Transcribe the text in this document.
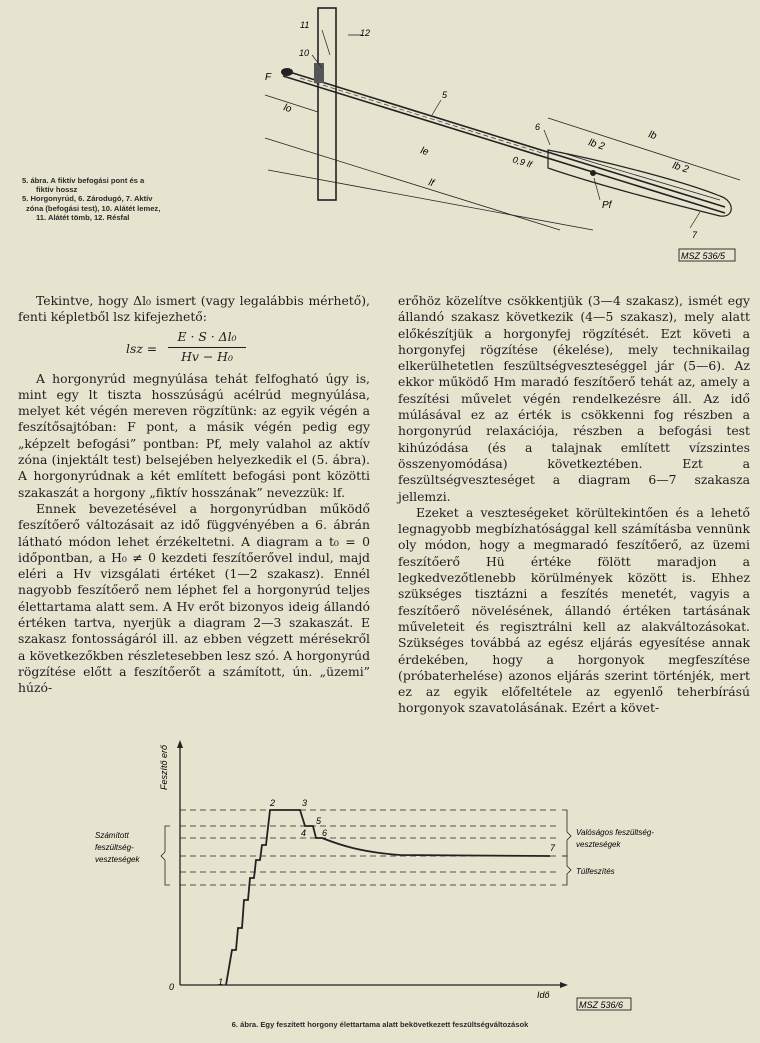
11
12
10
F
5
6
lo
le
lb
lb 2
lb 2
0,9 lf
lf
Pf
7
MSZ 536/5
5. ábra. A fiktív befogási pont és a
fiktív hossz
5. Horgonyrúd, 6. Zárodugó, 7. Aktív
zóna (befogási test), 10. Alátét lemez,
11. Alátét tömb, 12. Résfal

Tekintve, hogy Δl₀ ismert (vagy legalábbis mérhető), fenti képletből lsz kifejezhető:

lsz =
E · S · Δl₀
Hv − H₀

A horgonyrúd megnyúlása tehát felfogható úgy is, mint egy lt tiszta hosszúságú acélrúd megnyúlása, melyet két végén mereven rögzítünk: az egyik végén a feszítősajtóban: F pont, a másik végén pedig egy „képzelt befogási” pontban: Pf, mely valahol az aktív zóna (injektált test) belsejében helyezkedik el (5. ábra). A horgonyrúdnak a két említett befogási pont közötti szakaszát a horgony „fiktív hosszának” nevezzük: lf.

Ennek bevezetésével a horgonyrúdban működő feszítőerő változásait az idő függvényében a 6. ábrán látható módon lehet érzékeltetni. A diagram a t₀ = 0 időpontban, a H₀ ≠ 0 kezdeti feszítőerővel indul, majd eléri a Hv vizsgálati értéket (1—2 szakasz). Ennél nagyobb feszítőerő nem léphet fel a horgonyrúd teljes élettartama alatt sem. A Hv erőt bizonyos ideig állandó értéken tartva, nyerjük a diagram 2—3 szakaszát. E szakasz fontosságáról ill. az ebben végzett mérésekről a következőkben részletesebben lesz szó. A horgonyrúd rögzítése előtt a feszítőerőt a számított, ún. „üzemi” húzó-

erőhöz közelítve csökkentjük (3—4 szakasz), ismét egy állandó szakasz következik (4—5 szakasz), mely alatt előkészítjük a horgonyfej rögzítését. Ezt követi a horgonyfej rögzítése (ékelése), mely technikailag elkerülhetetlen feszültségveszteséggel jár (5—6). Az ekkor működő Hm maradó feszítőerő tehát az, amely a feszítési művelet végén rendelkezésre áll. Az idő múlásával ez az érték is csökkenni fog részben a horgonyrúd relaxációja, részben a befogási test kihúzódása (és a talajnak említett vízszintes összenyomódása) következtében. Ezt a feszültségveszteséget a diagram 6—7 szakasza jellemzi.

Ezeket a veszteségeket körültekintően és a lehető legnagyobb megbízhatósággal kell számításba vennünk oly módon, hogy a megmaradó feszítőerő, az üzemi feszítőerő Hü értéke fölött maradjon a legkedvezőtlenebb körülmények között is. Ehhez szükséges tisztázni a feszítés menetét, vagyis a feszítőerő növelésének, állandó értéken tartásának műveleteit és regisztrálni kell az alakváltozásokat. Szükséges továbbá az egész eljárás egyesítése annak érdekében, hogy a horgonyok megfeszítése (próbaterhelése) azonos eljárás szerint történjék, mert ez az egyik előfeltétele az egyenlő teherbírású horgonyok szavatolásának. Ezért a követ-

0
Feszítő erő
Idő
1
2	3
4
5
6
7
Számított
feszültség-
veszteségek
Valóságos feszültség-
veszteségek
Túlfeszítés
MSZ 536/6
6. ábra. Egy feszített horgony élettartama alatt bekövetkezett feszültségváltozások
